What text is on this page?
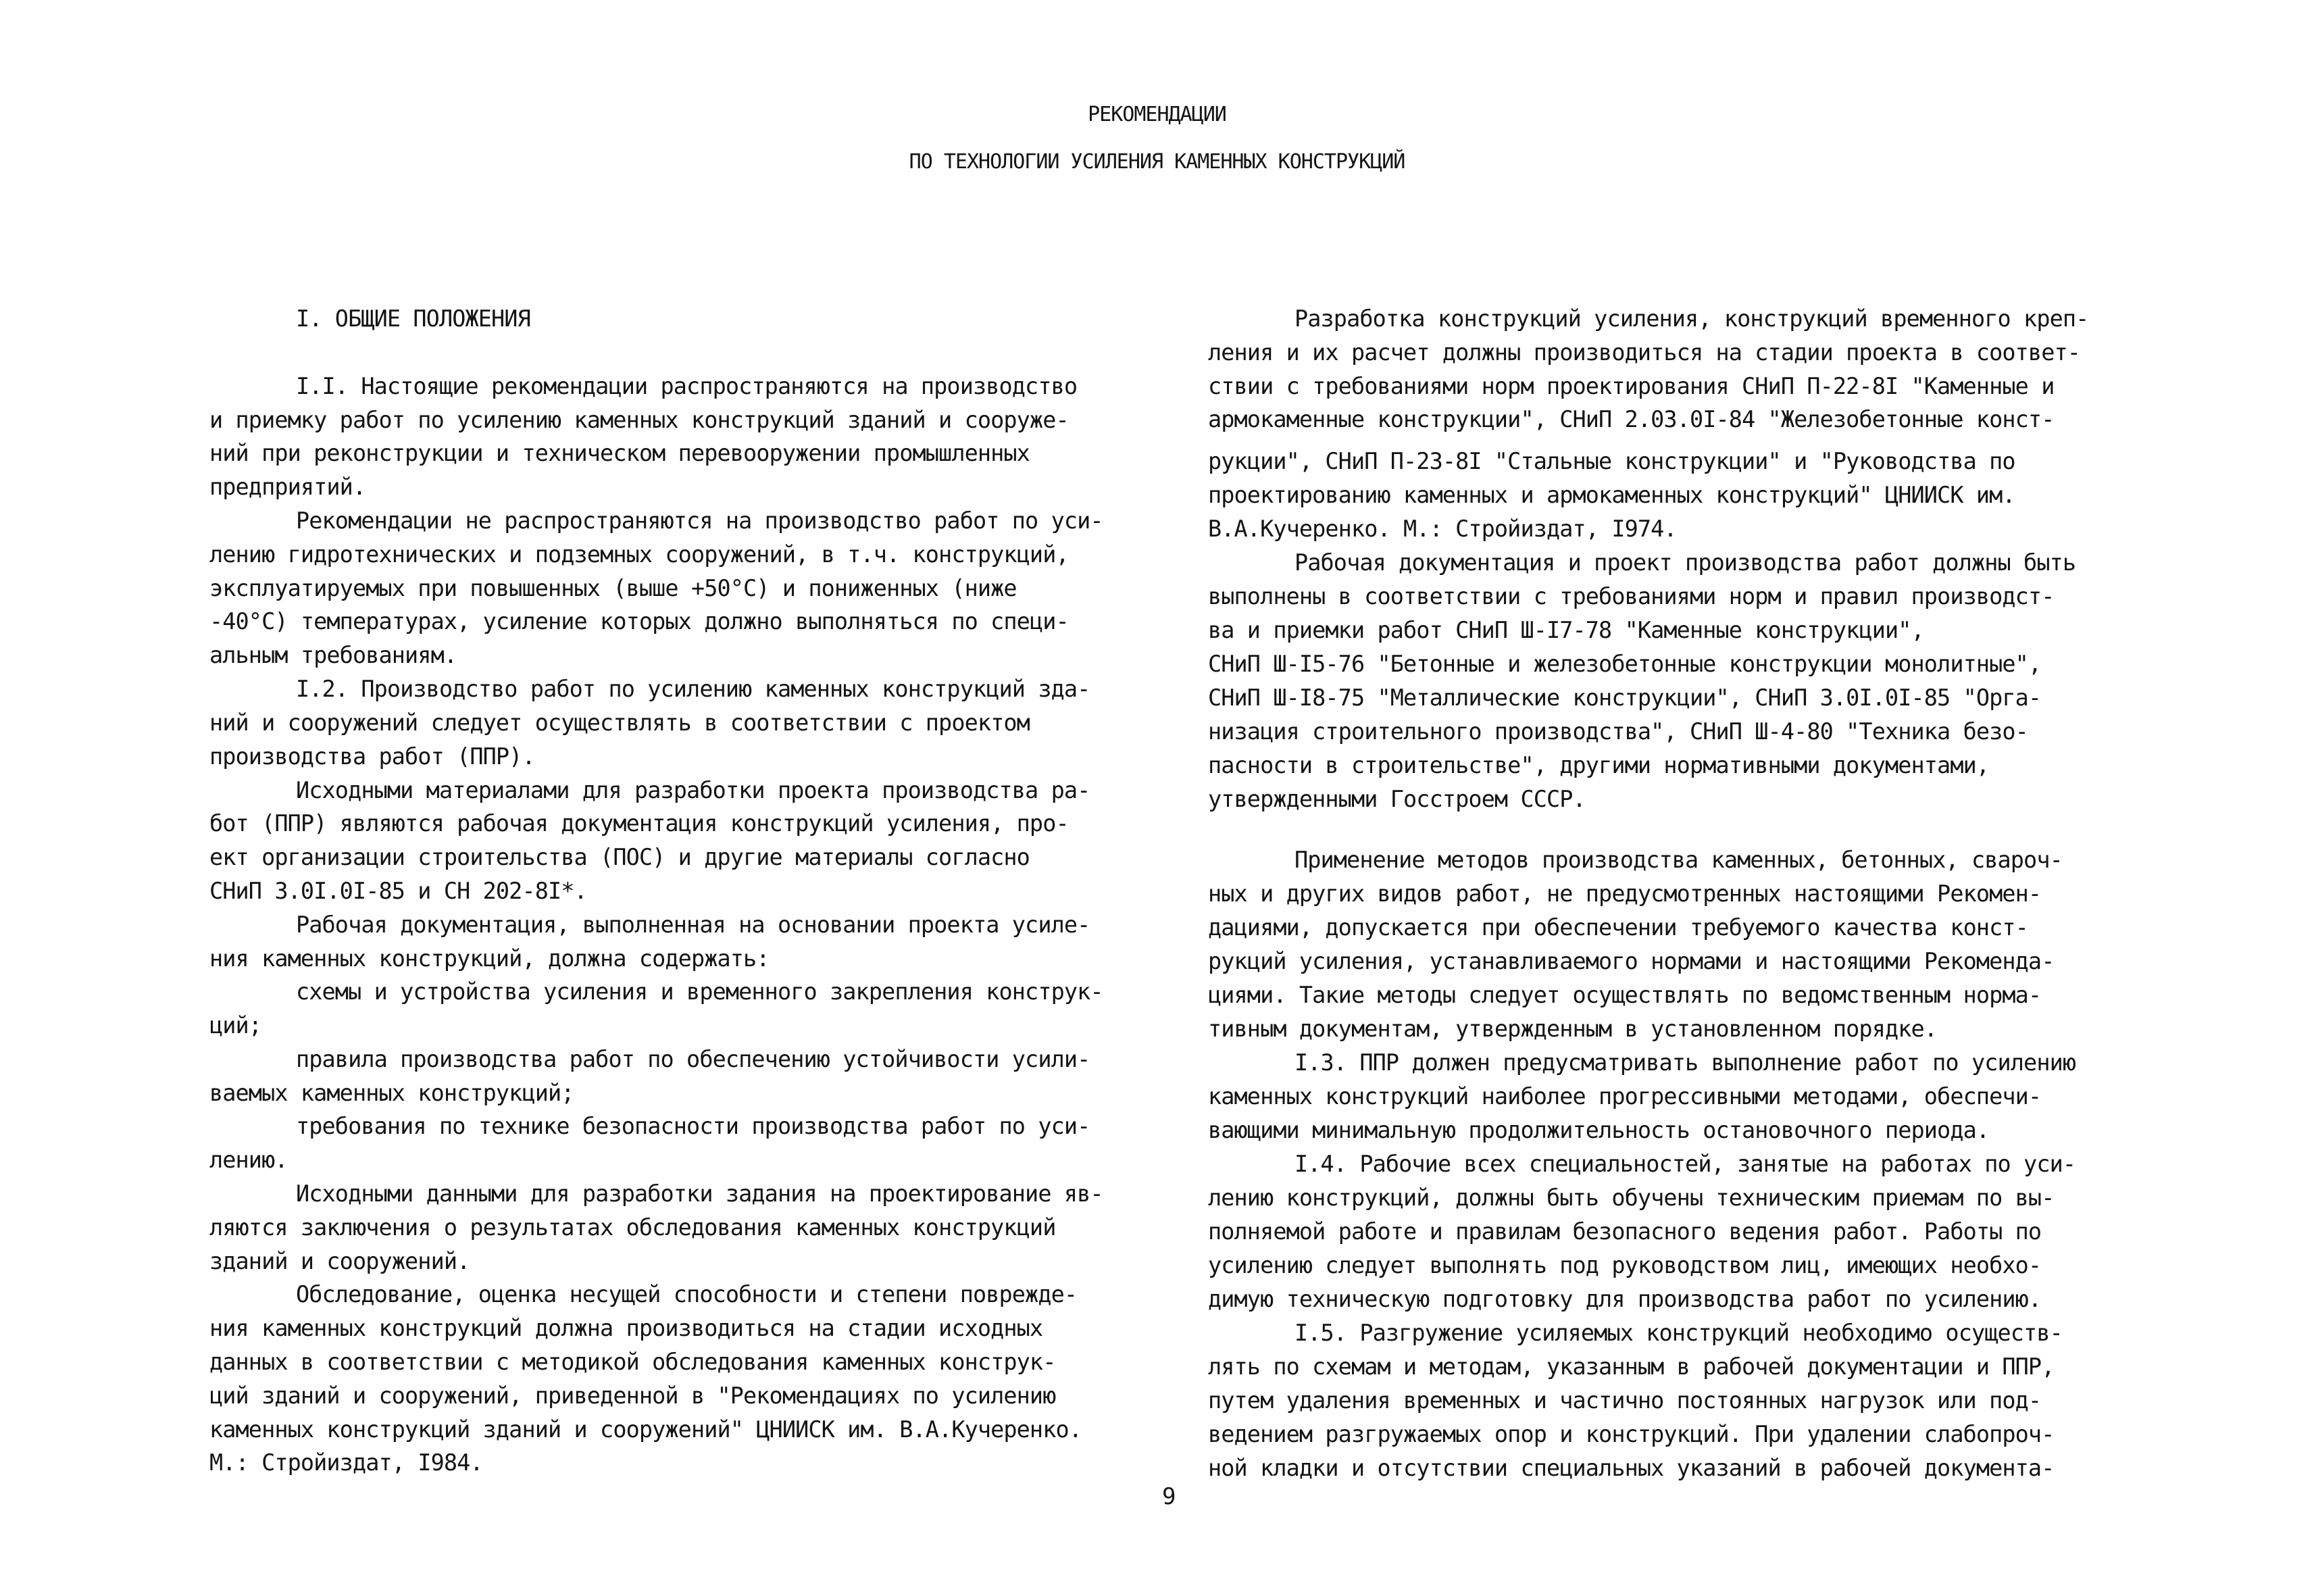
РЕКОМЕНДАЦИИ
ПО ТЕХНОЛОГИИ УСИЛЕНИЯ КАМЕННЫХ КОНСТРУКЦИЙ
I. ОБЩИЕ ПОЛОЖЕНИЯ
I.I. Настоящие рекомендации распространяются на производство
и приемку работ по усилению каменных конструкций зданий и сооруже-
ний при реконструкции и техническом перевооружении промышленных
предприятий.
Рекомендации не распространяются на производство работ по уси-
лению гидротехнических и подземных сооружений, в т.ч. конструкций,
эксплуатируемых при повышенных (выше +50°С) и пониженных (ниже
-40°С) температурах, усиление которых должно выполняться по специ-
альным требованиям.
I.2. Производство работ по усилению каменных конструкций зда-
ний и сооружений следует осуществлять в соответствии с проектом
производства работ (ППР).
Исходными материалами для разработки проекта производства ра-
бот (ППР) являются рабочая документация конструкций усиления, про-
ект организации строительства (ПОС) и другие материалы согласно
СНиП 3.0I.0I-85 и СН 202-8I*.
Рабочая документация, выполненная на основании проекта усиле-
ния каменных конструкций, должна содержать:
схемы и устройства усиления и временного закрепления конструк-
ций;
правила производства работ по обеспечению устойчивости усили-
ваемых каменных конструкций;
требования по технике безопасности производства работ по уси-
лению.
Исходными данными для разработки задания на проектирование яв-
ляются заключения о результатах обследования каменных конструкций
зданий и сооружений.
Обследование, оценка несущей способности и степени поврежде-
ния каменных конструкций должна производиться на стадии исходных
данных в соответствии с методикой обследования каменных конструк-
ций зданий и сооружений, приведенной в "Рекомендациях по усилению
каменных конструкций зданий и сооружений" ЦНИИСК им. В.А.Кучеренко.
М.: Стройиздат, I984.
Разработка конструкций усиления, конструкций временного креп-
ления и их расчет должны производиться на стадии проекта в соответ-
ствии с требованиями норм проектирования СНиП П-22-8I "Каменные и
армокаменные конструкции", СНиП 2.03.0I-84 "Железобетонные конст-
рукции", СНиП П-23-8I "Стальные конструкции" и "Руководства по
проектированию каменных и армокаменных конструкций" ЦНИИСК им.
В.А.Кучеренко. М.: Стройиздат, I974.
Рабочая документация и проект производства работ должны быть
выполнены в соответствии с требованиями норм и правил производст-
ва и приемки работ СНиП Ш-I7-78 "Каменные конструкции",
СНиП Ш-I5-76 "Бетонные и железобетонные конструкции монолитные",
СНиП Ш-I8-75 "Металлические конструкции", СНиП 3.0I.0I-85 "Орга-
низация строительного производства", СНиП Ш-4-80 "Техника безо-
пасности в строительстве", другими нормативными документами,
утвержденными Госстроем СССР.
Применение методов производства каменных, бетонных, свароч-
ных и других видов работ, не предусмотренных настоящими Рекомен-
дациями, допускается при обеспечении требуемого качества конст-
рукций усиления, устанавливаемого нормами и настоящими Рекоменда-
циями. Такие методы следует осуществлять по ведомственным норма-
тивным документам, утвержденным в установленном порядке.
I.3. ППР должен предусматривать выполнение работ по усилению
каменных конструкций наиболее прогрессивными методами, обеспечи-
вающими минимальную продолжительность остановочного периода.
I.4. Рабочие всех специальностей, занятые на работах по уси-
лению конструкций, должны быть обучены техническим приемам по вы-
полняемой работе и правилам безопасного ведения работ. Работы по
усилению следует выполнять под руководством лиц, имеющих необхо-
димую техническую подготовку для производства работ по усилению.
I.5. Разгружение усиляемых конструкций необходимо осуществ-
лять по схемам и методам, указанным в рабочей документации и ППР,
путем удаления временных и частично постоянных нагрузок или под-
ведением разгружаемых опор и конструкций. При удалении слабопроч-
ной кладки и отсутствии специальных указаний в рабочей документа-
9
